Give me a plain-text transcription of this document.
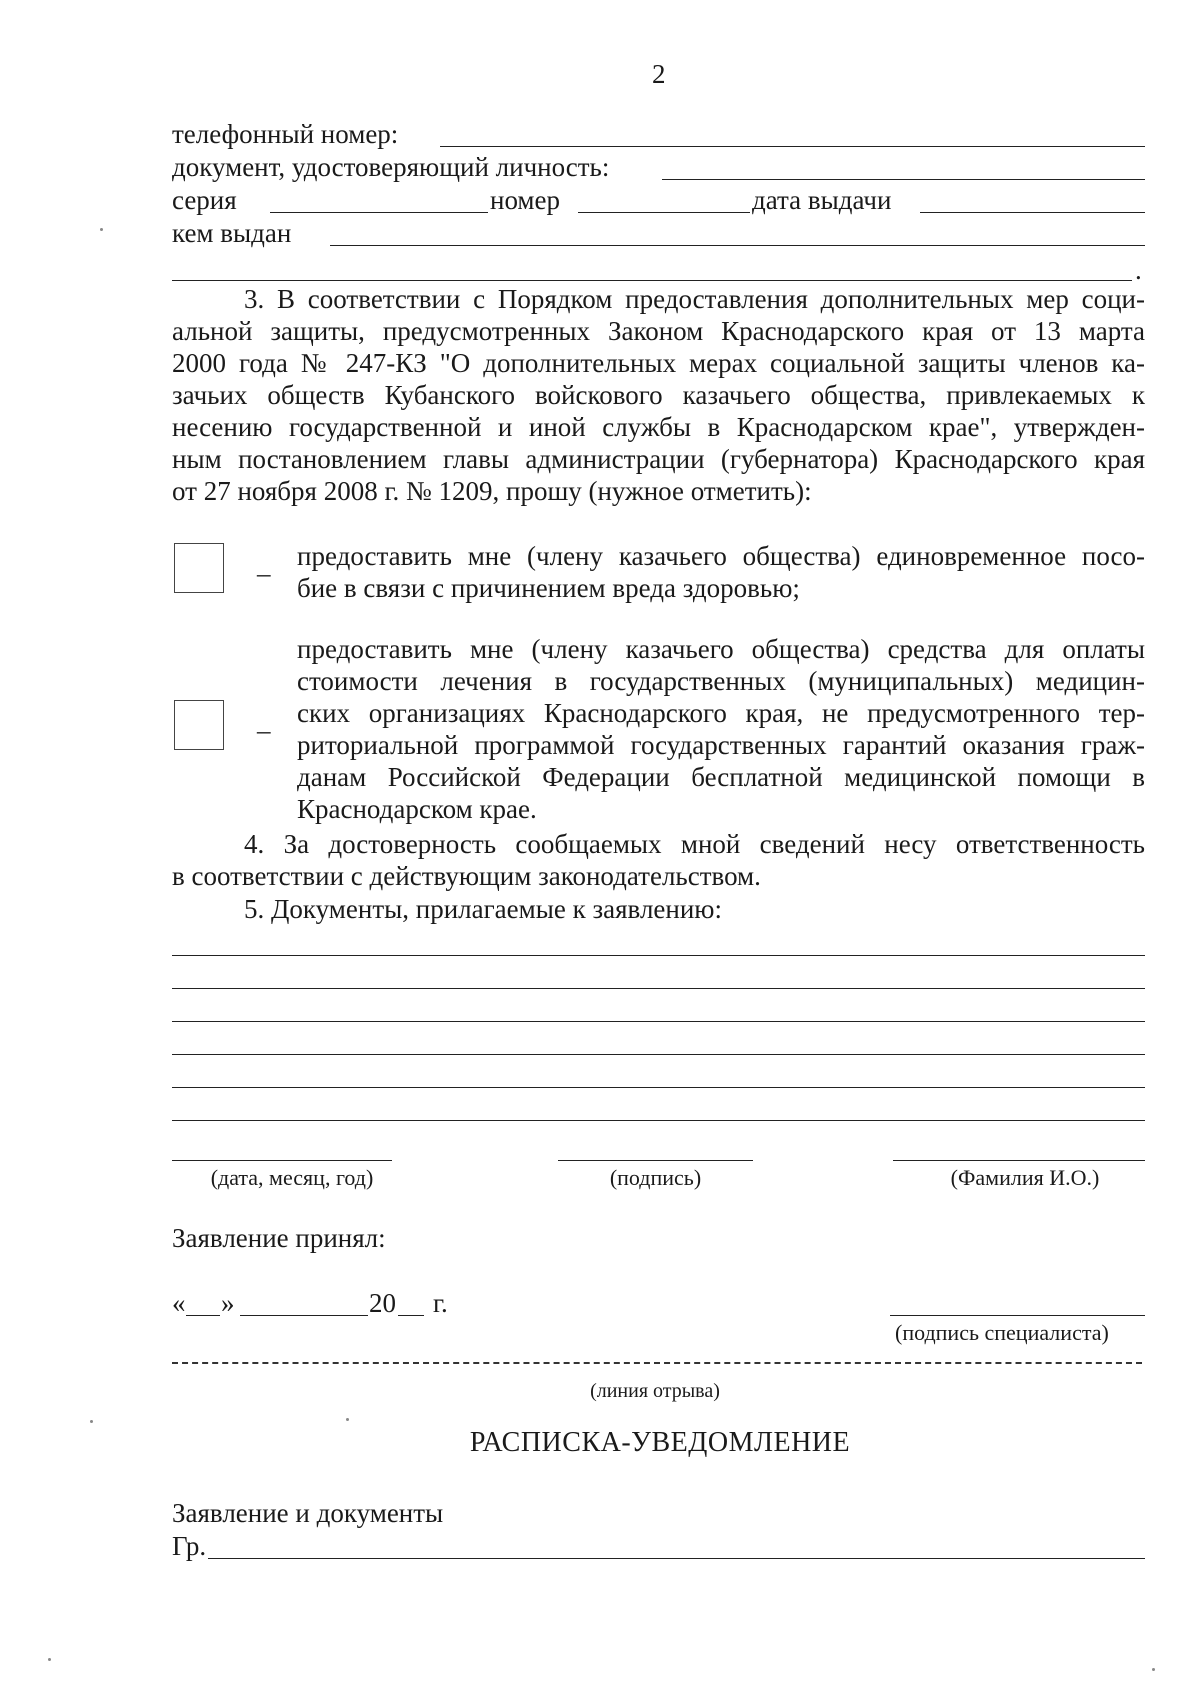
2
телефонный номер:
документ, удостоверяющий личность:
серия	номер	дата выдачи
кем выдан
.
3. В соответствии с Порядком предоставления дополнительных мер соци-
альной защиты, предусмотренных Законом Краснодарского края от 13 марта
2000 года № 247-КЗ "О дополнительных мерах социальной защиты членов ка-
зачьих обществ Кубанского войскового казачьего общества, привлекаемых к
несению государственной и иной службы в Краснодарском крае", утвержден-
ным постановлением главы администрации (губернатора) Краснодарского края
от 27 ноября 2008 г. № 1209, прошу (нужное отметить):
_ предоставить мне (члену казачьего общества) единовременное посо-
бие в связи с причинением вреда здоровью;
_
предоставить мне (члену казачьего общества) средства для оплаты
стоимости лечения в государственных (муниципальных) медицин-
ских организациях Краснодарского края, не предусмотренного тер-
риториальной программой государственных гарантий оказания граж-
данам Российской Федерации бесплатной медицинской помощи в
Краснодарском крае.
4. За достоверность сообщаемых мной сведений несу ответственность
в соответствии с действующим законодательством.
5. Документы, прилагаемые к заявлению:
(дата, месяц, год)	(подпись)	(Фамилия И.О.)
Заявление принял:
« »	20 г.
(подпись специалиста)
(линия отрыва)
РАСПИСКА-УВЕДОМЛЕНИЕ
Заявление и документы
Гр.
